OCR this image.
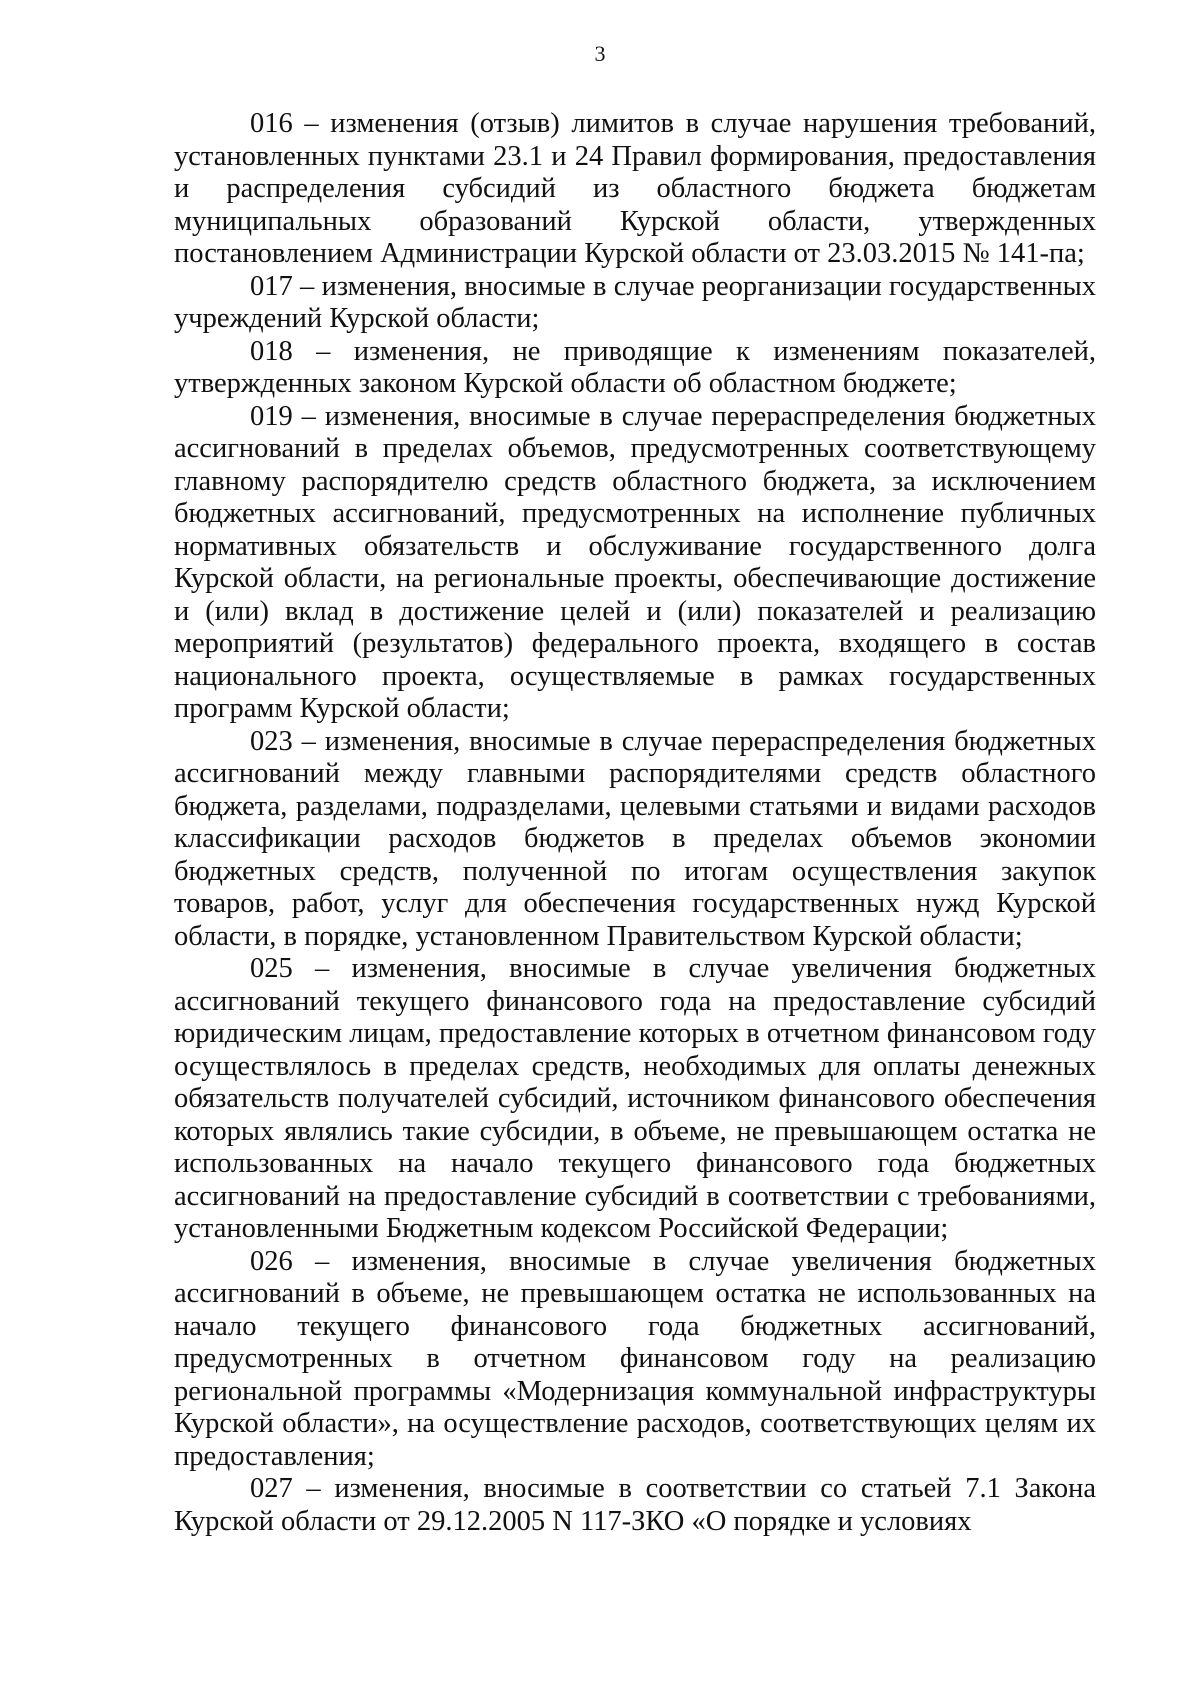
3

016 – изменения (отзыв) лимитов в случае нарушения требований, установленных пунктами 23.1 и 24 Правил формирования, предоставления и распределения субсидий из областного бюджета бюджетам муниципальных образований Курской области, утвержденных постановлением Администрации Курской области от 23.03.2015 № 141-па;

017 – изменения, вносимые в случае реорганизации государственных учреждений Курской области;

018 – изменения, не приводящие к изменениям показателей, утвержденных законом Курской области об областном бюджете;

019 – изменения, вносимые в случае перераспределения бюджетных ассигнований в пределах объемов, предусмотренных соответствующему главному распорядителю средств областного бюджета, за исключением бюджетных ассигнований, предусмотренных на исполнение публичных нормативных обязательств и обслуживание государственного долга Курской области, на региональные проекты, обеспечивающие достижение и (или) вклад в достижение целей и (или) показателей и реализацию мероприятий (результатов) федерального проекта, входящего в состав национального проекта, осуществляемые в рамках государственных программ Курской области;

023 – изменения, вносимые в случае перераспределения бюджетных ассигнований между главными распорядителями средств областного бюджета, разделами, подразделами, целевыми статьями и видами расходов классификации расходов бюджетов в пределах объемов экономии бюджетных средств, полученной по итогам осуществления закупок товаров, работ, услуг для обеспечения государственных нужд Курской области, в порядке, установленном Правительством Курской области;

025 – изменения, вносимые в случае увеличения бюджетных ассигнований текущего финансового года на предоставление субсидий юридическим лицам, предоставление которых в отчетном финансовом году осуществлялось в пределах средств, необходимых для оплаты денежных обязательств получателей субсидий, источником финансового обеспечения которых являлись такие субсидии, в объеме, не превышающем остатка не использованных на начало текущего финансового года бюджетных ассигнований на предоставление субсидий в соответствии с требованиями, установленными Бюджетным кодексом Российской Федерации;

026 – изменения, вносимые в случае увеличения бюджетных ассигнований в объеме, не превышающем остатка не использованных на начало текущего финансового года бюджетных ассигнований, предусмотренных в отчетном финансовом году на реализацию региональной программы «Модернизация коммунальной инфраструктуры Курской области», на осуществление расходов, соответствующих целям их предоставления;

027 – изменения, вносимые в соответствии со статьей 7.1 Закона Курской области от 29.12.2005 N 117-ЗКО «О порядке и условиях
